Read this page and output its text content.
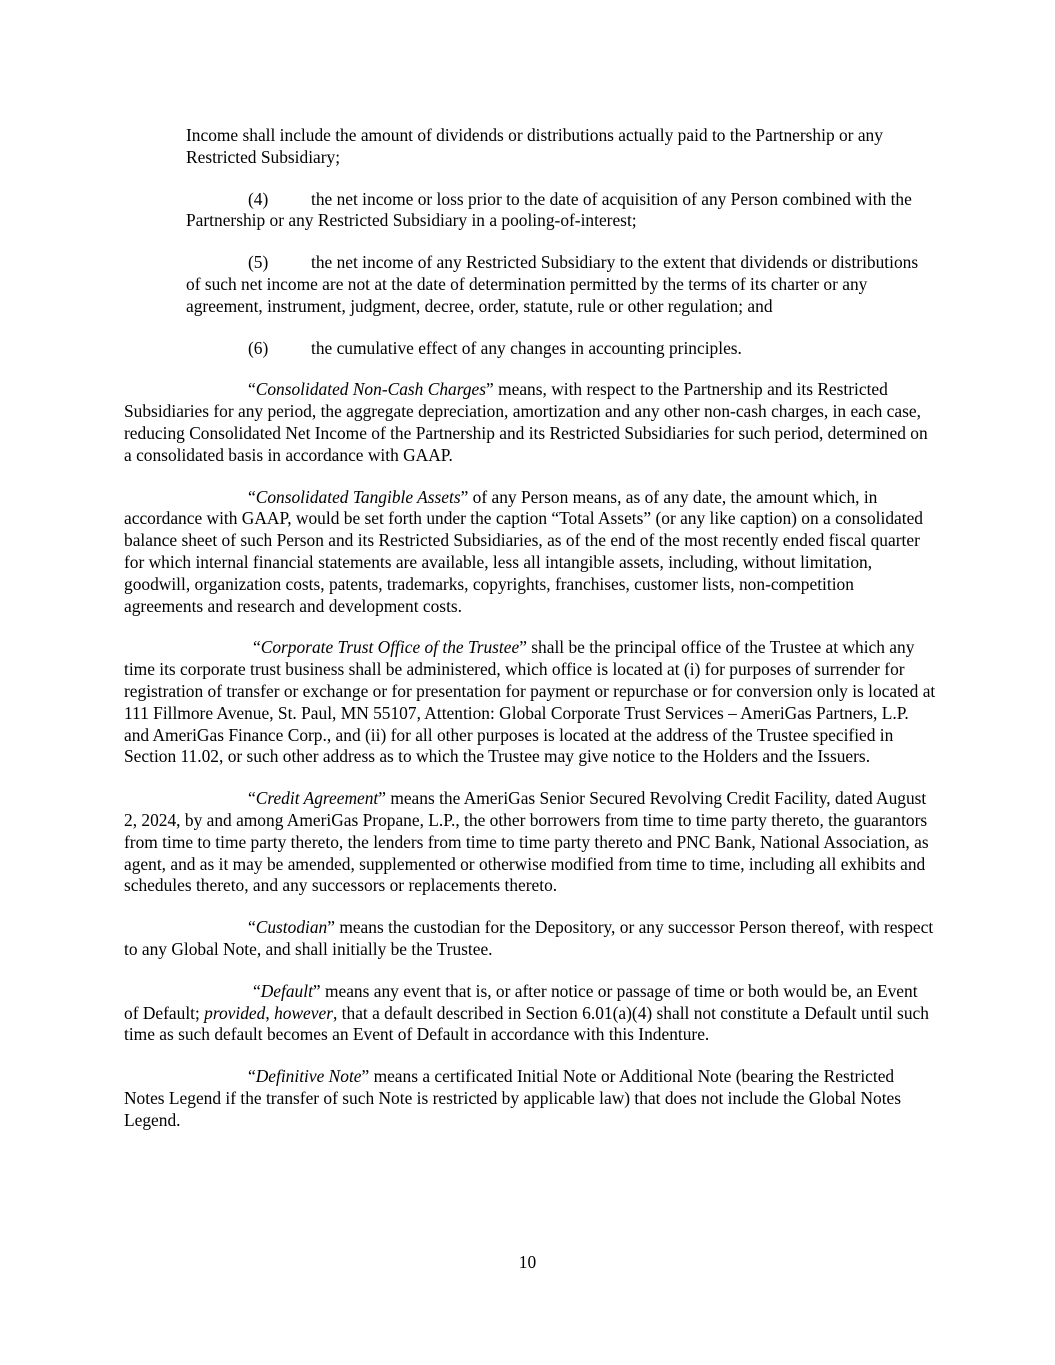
Income shall include the amount of dividends or distributions actually paid to the Partnership or any Restricted Subsidiary;

(4) the net income or loss prior to the date of acquisition of any Person combined with the Partnership or any Restricted Subsidiary in a pooling-of-interest;

(5) the net income of any Restricted Subsidiary to the extent that dividends or distributions of such net income are not at the date of determination permitted by the terms of its charter or any agreement, instrument, judgment, decree, order, statute, rule or other regulation; and

(6) the cumulative effect of any changes in accounting principles.

“Consolidated Non-Cash Charges” means, with respect to the Partnership and its Restricted Subsidiaries for any period, the aggregate depreciation, amortization and any other non-cash charges, in each case, reducing Consolidated Net Income of the Partnership and its Restricted Subsidiaries for such period, determined on a consolidated basis in accordance with GAAP.

“Consolidated Tangible Assets” of any Person means, as of any date, the amount which, in accordance with GAAP, would be set forth under the caption “Total Assets” (or any like caption) on a consolidated balance sheet of such Person and its Restricted Subsidiaries, as of the end of the most recently ended fiscal quarter for which internal financial statements are available, less all intangible assets, including, without limitation, goodwill, organization costs, patents, trademarks, copyrights, franchises, customer lists, non-competition agreements and research and development costs.

“Corporate Trust Office of the Trustee” shall be the principal office of the Trustee at which any time its corporate trust business shall be administered, which office is located at (i) for purposes of surrender for registration of transfer or exchange or for presentation for payment or repurchase or for conversion only is located at 111 Fillmore Avenue, St. Paul, MN 55107, Attention: Global Corporate Trust Services – AmeriGas Partners, L.P. and AmeriGas Finance Corp., and (ii) for all other purposes is located at the address of the Trustee specified in Section 11.02, or such other address as to which the Trustee may give notice to the Holders and the Issuers.

“Credit Agreement” means the AmeriGas Senior Secured Revolving Credit Facility, dated August 2, 2024, by and among AmeriGas Propane, L.P., the other borrowers from time to time party thereto, the guarantors from time to time party thereto, the lenders from time to time party thereto and PNC Bank, National Association, as agent, and as it may be amended, supplemented or otherwise modified from time to time, including all exhibits and schedules thereto, and any successors or replacements thereto.

“Custodian” means the custodian for the Depository, or any successor Person thereof, with respect to any Global Note, and shall initially be the Trustee.

“Default” means any event that is, or after notice or passage of time or both would be, an Event of Default; provided, however, that a default described in Section 6.01(a)(4) shall not constitute a Default until such time as such default becomes an Event of Default in accordance with this Indenture.

“Definitive Note” means a certificated Initial Note or Additional Note (bearing the Restricted Notes Legend if the transfer of such Note is restricted by applicable law) that does not include the Global Notes Legend.

10
